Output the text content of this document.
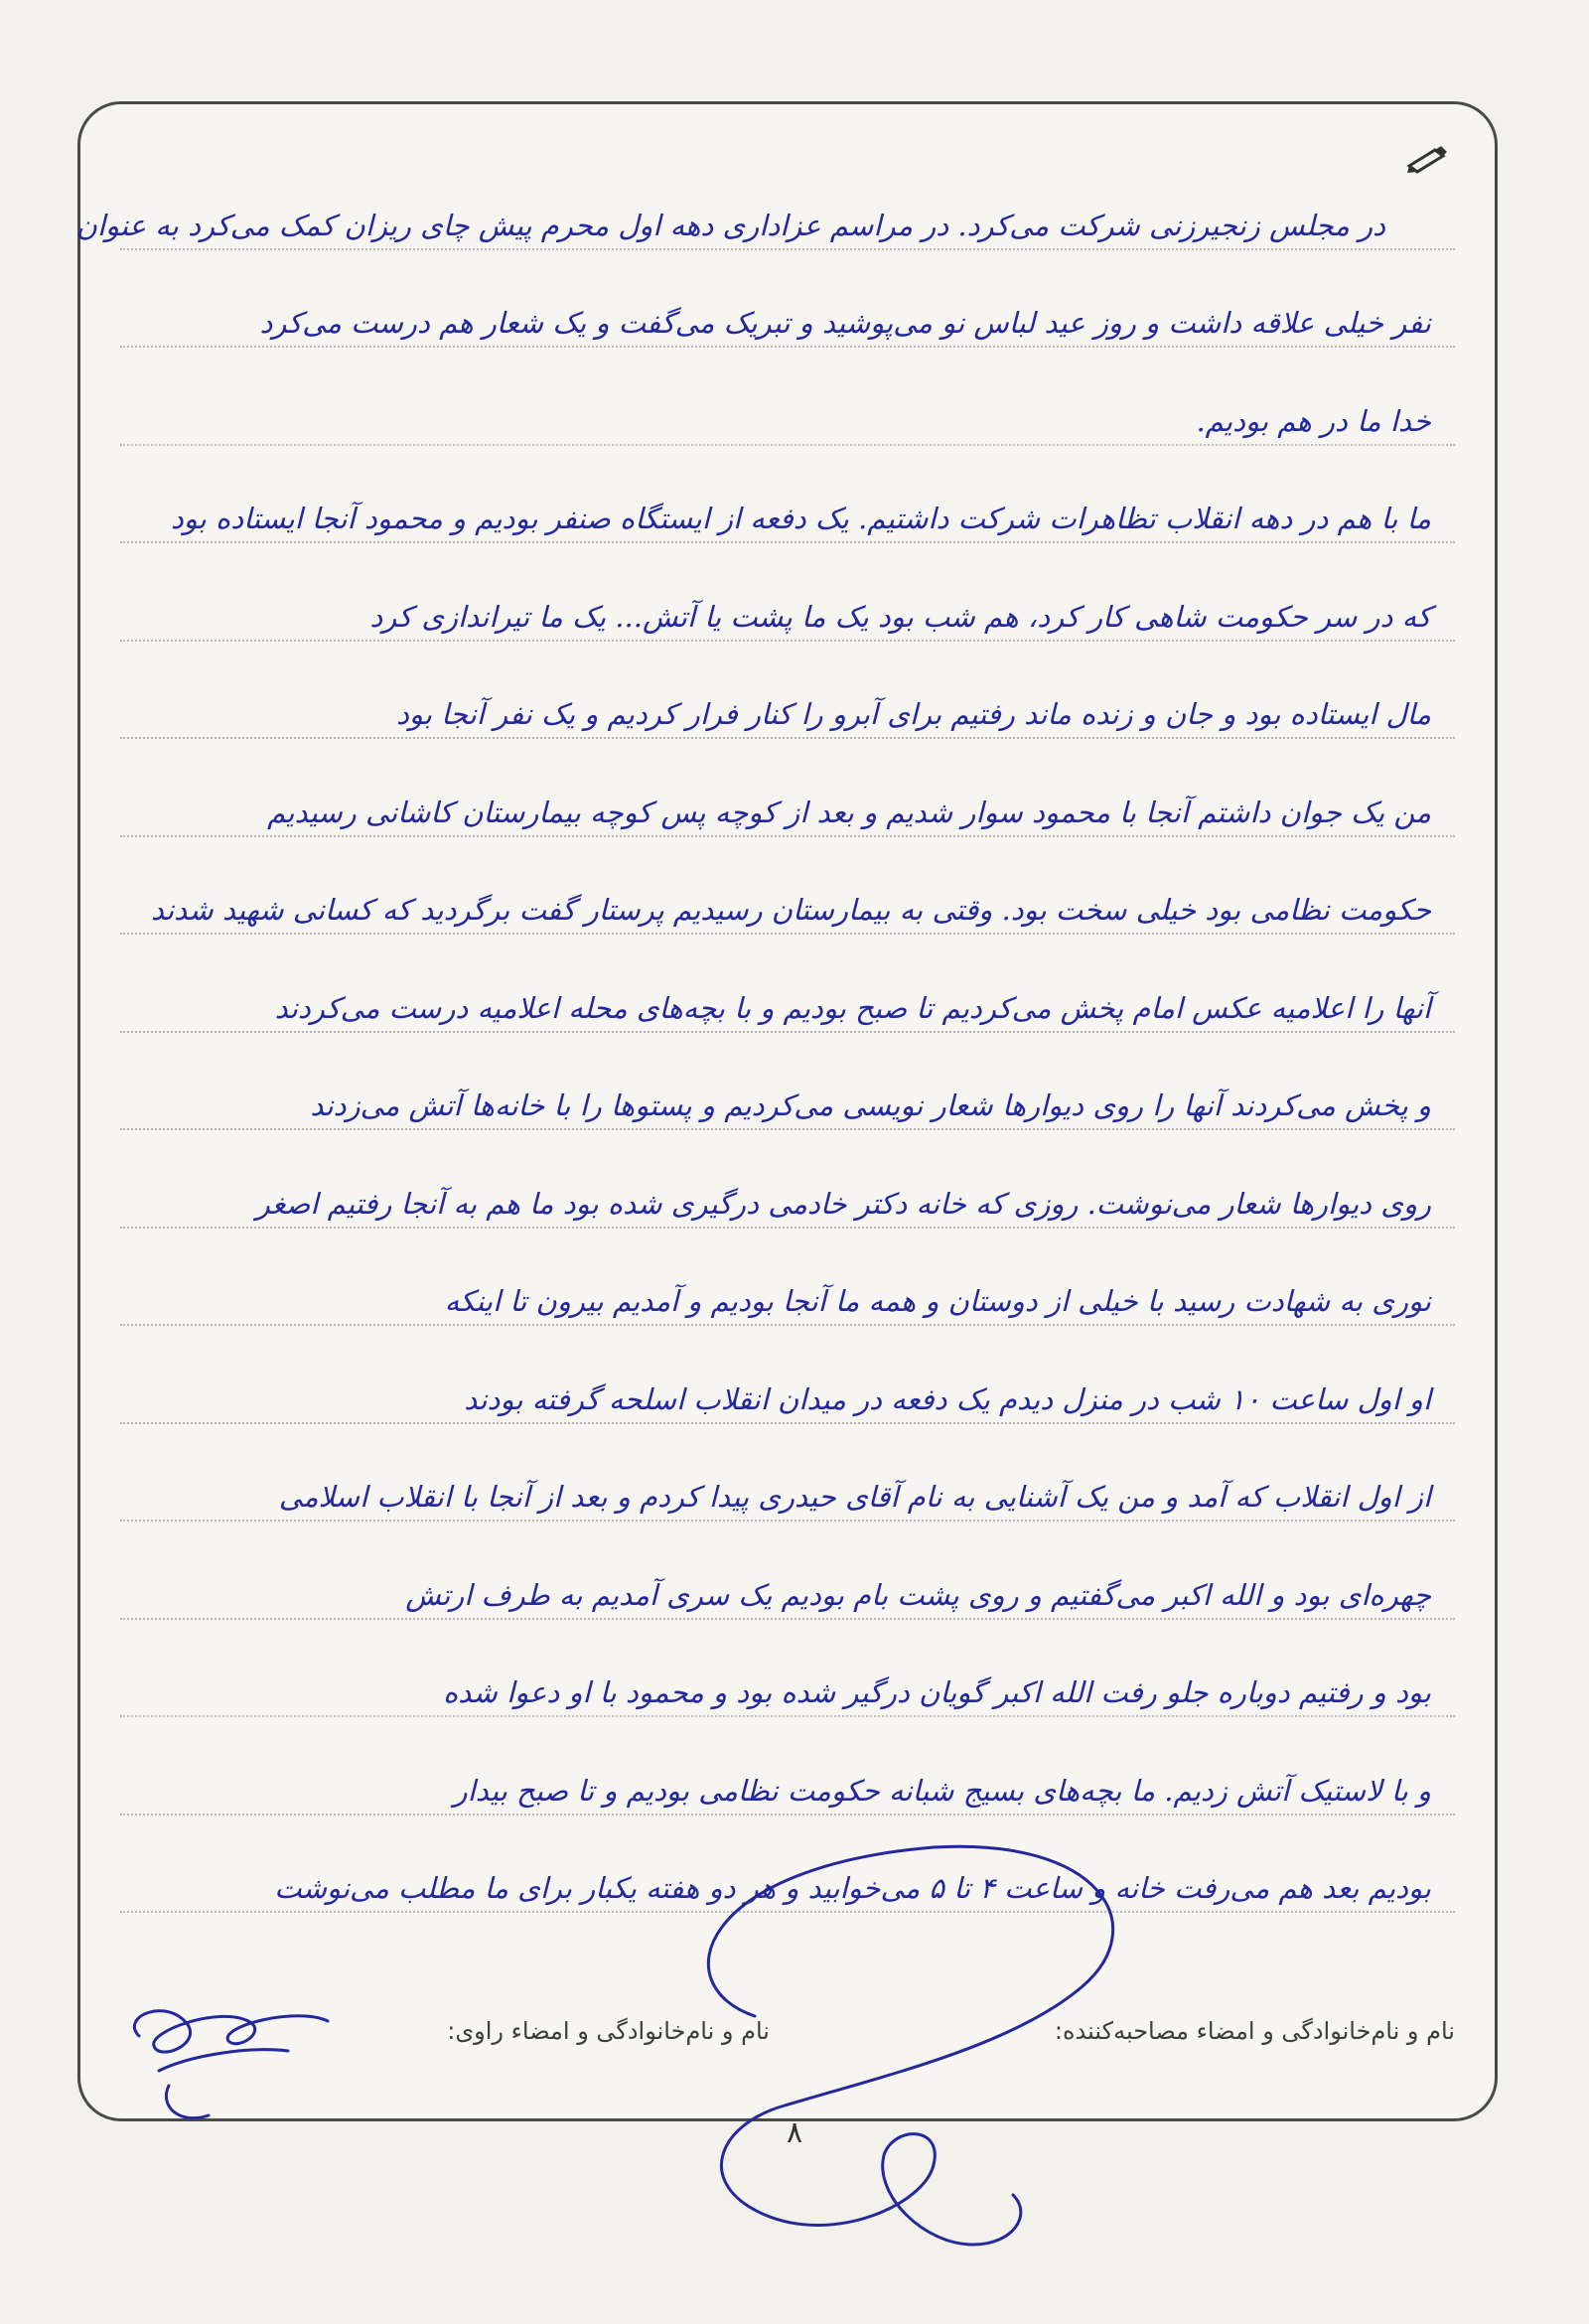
در مجلس زنجیرزنی شرکت می‌کرد. در مراسم عزاداری دهه اول محرم پیش چای ریزان کمک می‌کرد به عنوان
نفر خیلی علاقه داشت و روز عید لباس نو می‌پوشید و تبریک می‌گفت و یک شعار هم درست می‌کرد
خدا ما در هم بودیم.
ما با هم در دهه انقلاب تظاهرات شرکت داشتیم. یک دفعه از ایستگاه صنفر بودیم و محمود آنجا ایستاده بود
که در سر حکومت شاهی کار کرد، هم شب بود یک ما پشت یا آتش... یک ما تیراندازی کرد
مال ایستاده بود و جان و زنده ماند رفتیم برای آبرو را کنار فرار کردیم و یک نفر آنجا بود
من یک جوان داشتم آنجا با محمود سوار شدیم و بعد از کوچه پس کوچه بیمارستان کاشانی رسیدیم
حکومت نظامی بود خیلی سخت بود. وقتی به بیمارستان رسیدیم پرستار گفت برگردید که کسانی شهید شدند
آنها را اعلامیه عکس امام پخش می‌کردیم تا صبح بودیم و با بچه‌های محله اعلامیه درست می‌کردند
و پخش می‌کردند آنها را روی دیوارها شعار نویسی می‌کردیم و پستوها را با خانه‌ها آتش می‌زدند
روی دیوارها شعار می‌نوشت. روزی که خانه دکتر خادمی درگیری شده بود ما هم به آنجا رفتیم اصغر
نوری به شهادت رسید با خیلی از دوستان و همه ما آنجا بودیم و آمدیم بیرون تا اینکه
او اول ساعت ۱۰ شب در منزل دیدم یک دفعه در میدان انقلاب اسلحه گرفته بودند
از اول انقلاب که آمد و من یک آشنایی به نام آقای حیدری پیدا کردم و بعد از آنجا با انقلاب اسلامی
چهره‌ای بود و الله اکبر می‌گفتیم و روی پشت بام بودیم یک سری آمدیم به طرف ارتش
بود و رفتیم دوباره جلو رفت الله اکبر گویان درگیر شده بود و محمود با او دعوا شده
و با لاستیک آتش زدیم. ما بچه‌های بسیج شبانه حکومت نظامی بودیم و تا صبح بیدار
بودیم بعد هم می‌رفت خانه و ساعت ۴ تا ۵ می‌خوابید و هر دو هفته یکبار برای ما مطلب می‌نوشت
نام و نام‌خانوادگی و امضاء مصاحبه‌کننده:
نام و نام‌خانوادگی و امضاء راوی:
۸
